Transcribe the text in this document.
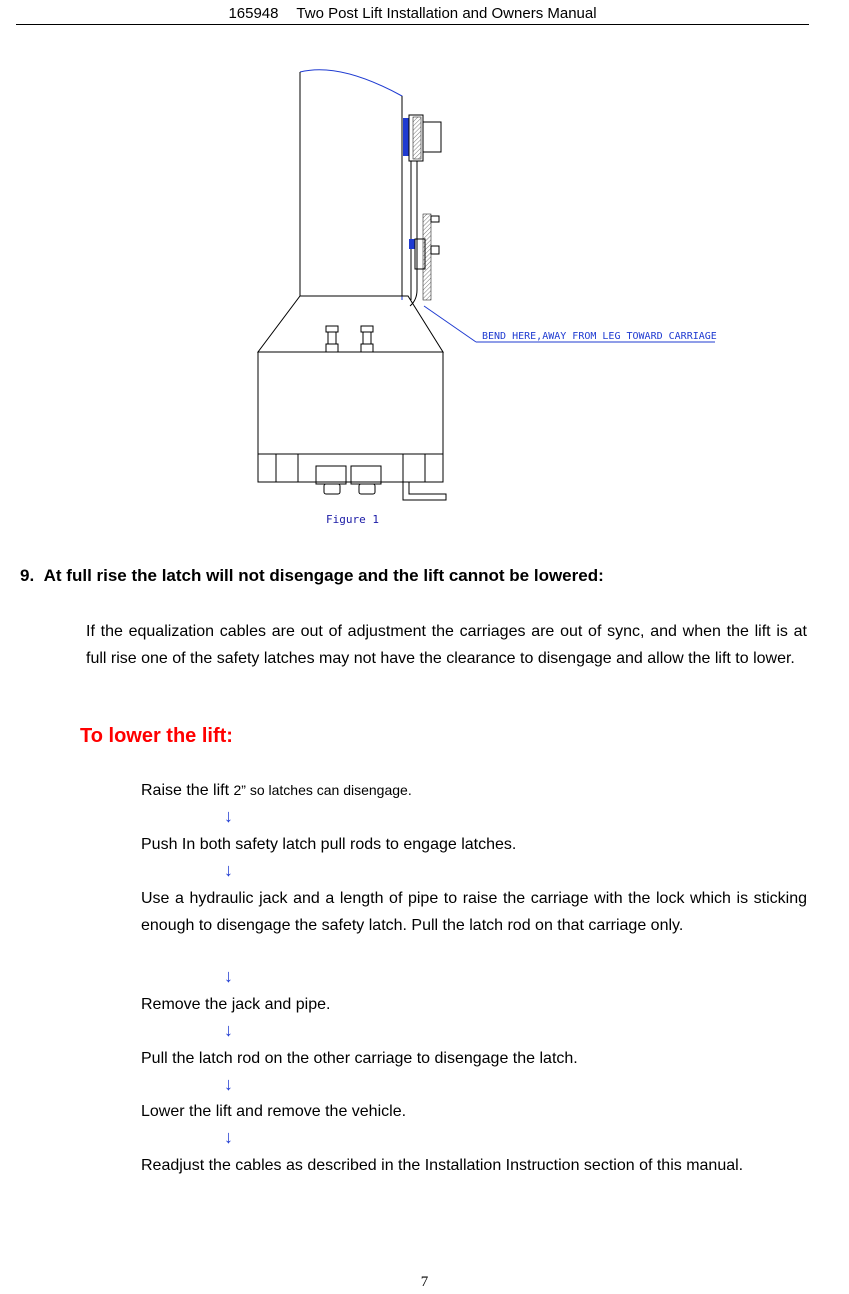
165948 Two Post Lift Installation and Owners Manual
BEND HERE,AWAY FROM LEG TOWARD CARRIAGE
Figure 1
9. At full rise the latch will not disengage and the lift cannot be lowered:
If the equalization cables are out of adjustment the carriages are out of sync, and when the lift is at full rise one of the safety latches may not have the clearance to disengage and allow the lift to lower.
To lower the lift:
Raise the lift 2” so latches can disengage.
↓
Push In both safety latch pull rods to engage latches.
↓
Use a hydraulic jack and a length of pipe to raise the carriage with the lock which is sticking enough to disengage the safety latch. Pull the latch rod on that carriage only.
↓
Remove the jack and pipe.
↓
Pull the latch rod on the other carriage to disengage the latch.
↓
Lower the lift and remove the vehicle.
↓
Readjust the cables as described in the Installation Instruction section of this manual.
7
